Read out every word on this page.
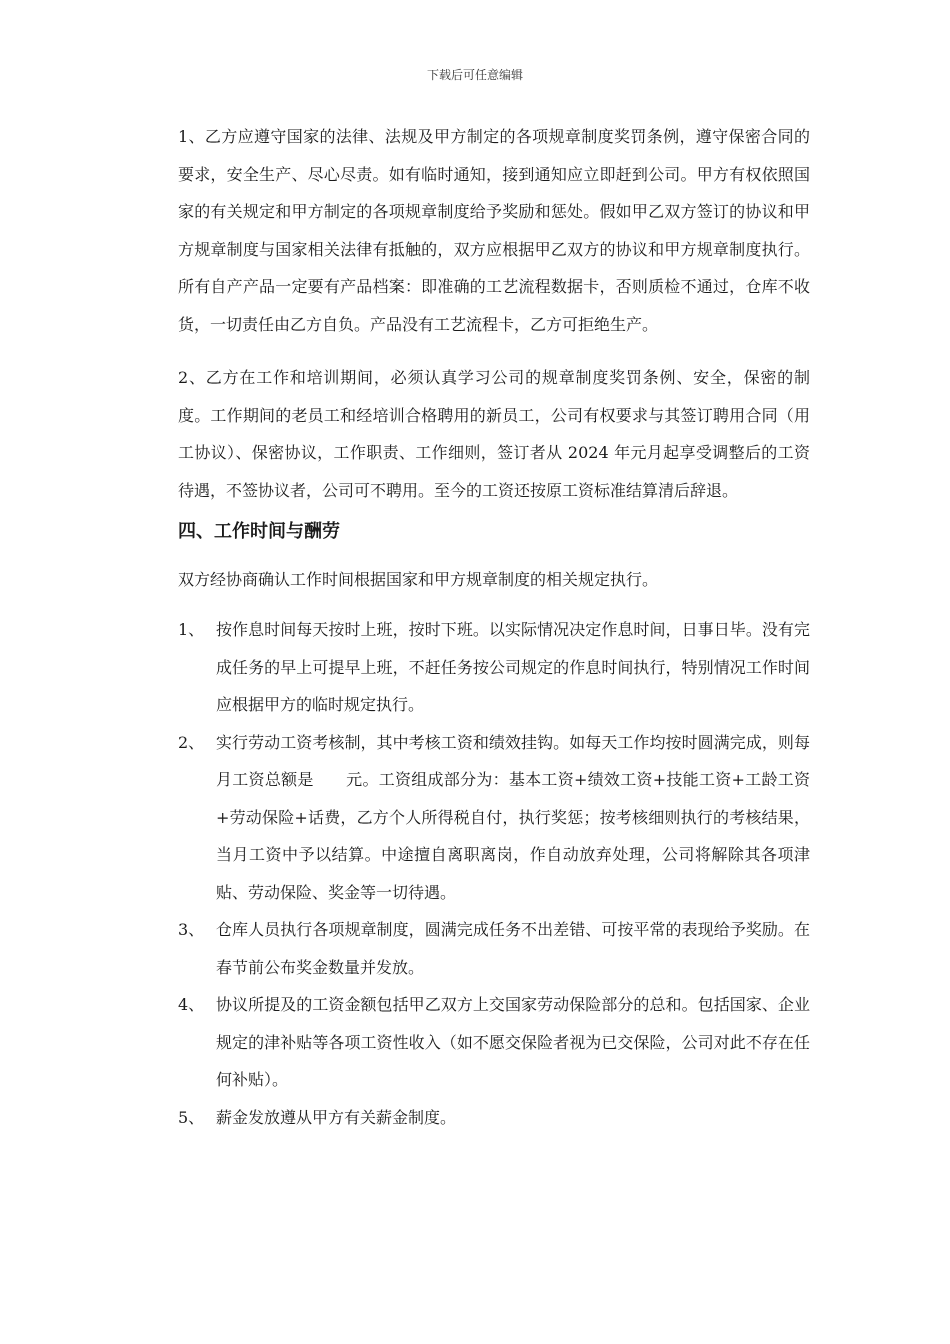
下载后可任意编辑

1、乙方应遵守国家的法律、法规及甲方制定的各项规章制度奖罚条例，遵守保密合同的要求，安全生产、尽心尽责。如有临时通知，接到通知应立即赶到公司。甲方有权依照国家的有关规定和甲方制定的各项规章制度给予奖励和惩处。假如甲乙双方签订的协议和甲方规章制度与国家相关法律有抵触的，双方应根据甲乙双方的协议和甲方规章制度执行。所有自产产品一定要有产品档案：即准确的工艺流程数据卡，否则质检不通过，仓库不收货，一切责任由乙方自负。产品没有工艺流程卡，乙方可拒绝生产。

2、乙方在工作和培训期间，必须认真学习公司的规章制度奖罚条例、安全，保密的制度。工作期间的老员工和经培训合格聘用的新员工，公司有权要求与其签订聘用合同（用工协议）、保密协议，工作职责、工作细则，签订者从 2024 年元月起享受调整后的工资待遇，不签协议者，公司可不聘用。至今的工资还按原工资标准结算清后辞退。

四、工作时间与酬劳

双方经协商确认工作时间根据国家和甲方规章制度的相关规定执行。

1、 按作息时间每天按时上班，按时下班。以实际情况决定作息时间，日事日毕。没有完成任务的早上可提早上班，不赶任务按公司规定的作息时间执行，特别情况工作时间应根据甲方的临时规定执行。
2、 实行劳动工资考核制，其中考核工资和绩效挂钩。如每天工作均按时圆满完成，则每月工资总额是　　元。工资组成部分为：基本工资+绩效工资+技能工资+工龄工资+劳动保险+话费，乙方个人所得税自付，执行奖惩；按考核细则执行的考核结果，当月工资中予以结算。中途擅自离职离岗，作自动放弃处理，公司将解除其各项津贴、劳动保险、奖金等一切待遇。
3、 仓库人员执行各项规章制度，圆满完成任务不出差错、可按平常的表现给予奖励。在春节前公布奖金数量并发放。
4、 协议所提及的工资金额包括甲乙双方上交国家劳动保险部分的总和。包括国家、企业规定的津补贴等各项工资性收入（如不愿交保险者视为已交保险，公司对此不存在任何补贴）。
5、 薪金发放遵从甲方有关薪金制度。
